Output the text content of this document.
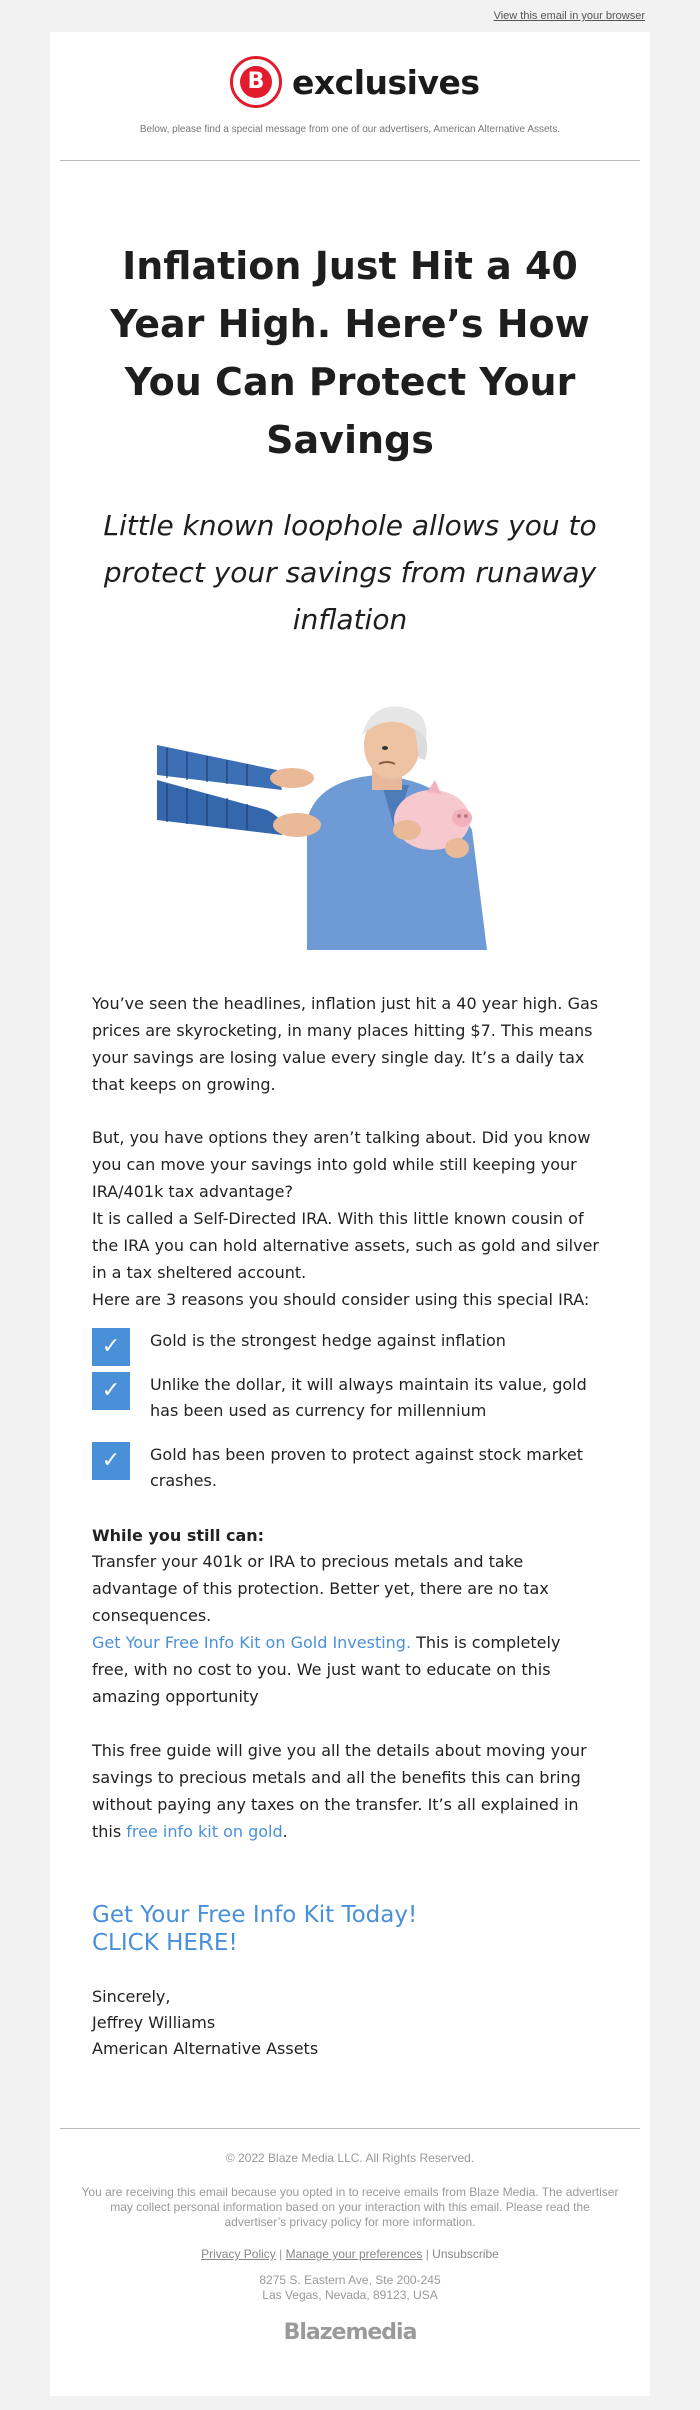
View this email in your browser
B exclusives
Below, please find a special message from one of our advertisers, American Alternative Assets.
Inflation Just Hit a 40 Year High. Here’s How You Can Protect Your Savings

Little known loophole allows you to protect your savings from runaway inflation

You’ve seen the headlines, inflation just hit a 40 year high. Gas prices are skyrocketing, in many places hitting $7. This means your savings are losing value every single day. It’s a daily tax that keeps on growing.

But, you have options they aren’t talking about. Did you know you can move your savings into gold while still keeping your IRA/401k tax advantage?
It is called a Self-Directed IRA. With this little known cousin of the IRA you can hold alternative assets, such as gold and silver in a tax sheltered account.
Here are 3 reasons you should consider using this special IRA:
✓	Gold is the strongest hedge against inflation
✓	Unlike the dollar, it will always maintain its value, gold has been used as currency for millennium
✓	Gold has been proven to protect against stock market crashes.
While you still can:
Transfer your 401k or IRA to precious metals and take advantage of this protection. Better yet, there are no tax consequences.
Get Your Free Info Kit on Gold Investing. This is completely free, with no cost to you. We just want to educate on this amazing opportunity
This free guide will give you all the details about moving your savings to precious metals and all the benefits this can bring without paying any taxes on the transfer. It’s all explained in this free info kit on gold.
Get Your Free Info Kit Today!
CLICK HERE!
Sincerely,
Jeffrey Williams
American Alternative Assets
© 2022 Blaze Media LLC. All Rights Reserved.
You are receiving this email because you opted in to receive emails from Blaze Media. The advertiser may collect personal information based on your interaction with this email. Please read the advertiser’s privacy policy for more information.
Privacy Policy | Manage your preferences | Unsubscribe
8275 S. Eastern Ave, Ste 200-245
Las Vegas, Nevada, 89123, USA
Blazemedia
